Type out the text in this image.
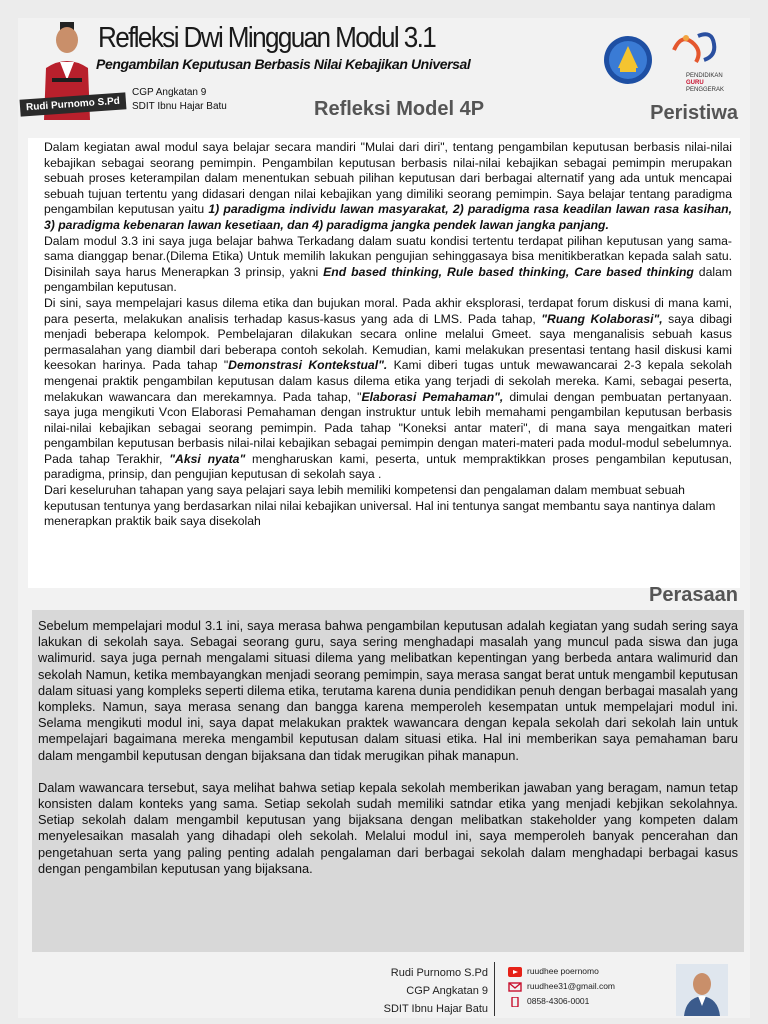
Rudi Purnomo S.Pd
Refleksi Dwi Mingguan Modul 3.1
Pengambilan Keputusan Berbasis Nilai Kebajikan Universal
CGP Angkatan 9
SDIT Ibnu Hajar Batu
PENDIDIKAN
GURU
PENGGERAK
Refleksi Model 4P	Peristiwa

Dalam kegiatan awal modul saya belajar secara mandiri "Mulai dari diri", tentang pengambilan keputusan berbasis nilai-nilai kebajikan sebagai seorang pemimpin. Pengambilan keputusan berbasis nilai-nilai kebajikan sebagai pemimpin merupakan sebuah proses keterampilan dalam menentukan sebuah pilihan keputusan dari berbagai alternatif yang ada untuk mencapai sebuah tujuan tertentu yang didasari dengan nilai kebajikan yang dimiliki seorang pemimpin. Saya belajar tentang paradigma pengambilan keputusan yaitu 1) paradigma individu lawan masyarakat, 2) paradigma rasa keadilan lawan rasa kasihan, 3) paradigma kebenaran lawan kesetiaan, dan 4) paradigma jangka pendek lawan jangka panjang.

Dalam modul 3.3 ini saya juga belajar bahwa Terkadang dalam suatu kondisi tertentu terdapat pilihan keputusan yang sama-sama dianggap benar.(Dilema Etika) Untuk memilih lakukan pengujian sehinggasaya bisa menitikberatkan kepada salah satu. Disinilah saya harus Menerapkan 3 prinsip, yakni End based thinking, Rule based thinking, Care based thinking dalam pengambilan keputusan.

Di sini, saya mempelajari kasus dilema etika dan bujukan moral. Pada akhir eksplorasi, terdapat forum diskusi di mana kami, para peserta, melakukan analisis terhadap kasus-kasus yang ada di LMS. Pada tahap, "Ruang Kolaborasi", saya dibagi menjadi beberapa kelompok. Pembelajaran dilakukan secara online melalui Gmeet. saya menganalisis sebuah kasus permasalahan yang diambil dari beberapa contoh sekolah. Kemudian, kami melakukan presentasi tentang hasil diskusi kami keesokan harinya. Pada tahap "Demonstrasi Kontekstual". Kami diberi tugas untuk mewawancarai 2-3 kepala sekolah mengenai praktik pengambilan keputusan dalam kasus dilema etika yang terjadi di sekolah mereka. Kami, sebagai peserta, melakukan wawancara dan merekamnya. Pada tahap, "Elaborasi Pemahaman", dimulai dengan pembuatan pertanyaan. saya juga mengikuti Vcon Elaborasi Pemahaman dengan instruktur untuk lebih memahami pengambilan keputusan berbasis nilai-nilai kebajikan sebagai seorang pemimpin. Pada tahap "Koneksi antar materi", di mana saya mengaitkan materi pengambilan keputusan berbasis nilai-nilai kebajikan sebagai pemimpin dengan materi-materi pada modul-modul sebelumnya. Pada tahap Terakhir, "Aksi nyata" mengharuskan kami, peserta, untuk mempraktikkan proses pengambilan keputusan, paradigma, prinsip, dan pengujian keputusan di sekolah saya .

Dari keseluruhan tahapan yang saya pelajari saya lebih memiliki kompetensi dan pengalaman dalam membuat sebuah keputusan tentunya yang berdasarkan nilai nilai kebajikan universal. Hal ini tentunya sangat membantu saya nantinya dalam menerapkan praktik baik saya disekolah

Perasaan

Sebelum mempelajari modul 3.1 ini, saya merasa bahwa pengambilan keputusan adalah kegiatan yang sudah sering saya lakukan di sekolah saya. Sebagai seorang guru, saya sering menghadapi masalah yang muncul pada siswa dan juga walimurid. saya juga pernah mengalami situasi dilema yang melibatkan kepentingan yang berbeda antara walimurid dan sekolah Namun, ketika membayangkan menjadi seorang pemimpin, saya merasa sangat berat untuk mengambil keputusan dalam situasi yang kompleks seperti dilema etika, terutama karena dunia pendidikan penuh dengan berbagai masalah yang kompleks. Namun, saya merasa senang dan bangga karena memperoleh kesempatan untuk mempelajari modul ini. Selama mengikuti modul ini, saya dapat melakukan praktek wawancara dengan kepala sekolah dari sekolah lain untuk mempelajari bagaimana mereka mengambil keputusan dalam situasi etika. Hal ini memberikan saya pemahaman baru dalam mengambil keputusan dengan bijaksana dan tidak merugikan pihak manapun.

Dalam wawancara tersebut, saya melihat bahwa setiap kepala sekolah memberikan jawaban yang beragam, namun tetap konsisten dalam konteks yang sama. Setiap sekolah sudah memiliki satndar etika yang menjadi kebjikan sekolahnya. Setiap sekolah dalam mengambil keputusan yang bijaksana dengan melibatkan stakeholder yang kompeten dalam menyelesaikan masalah yang dihadapi oleh sekolah. Melalui modul ini, saya memperoleh banyak pencerahan dan pengetahuan serta yang paling penting adalah pengalaman dari berbagai sekolah dalam menghadapi berbagai kasus dengan pengambilan keputusan yang bijaksana.

Rudi Purnomo S.Pd
CGP Angkatan 9
SDIT Ibnu Hajar Batu
ruudhee poernomo
ruudhee31@gmail.com
0858-4306-0001
